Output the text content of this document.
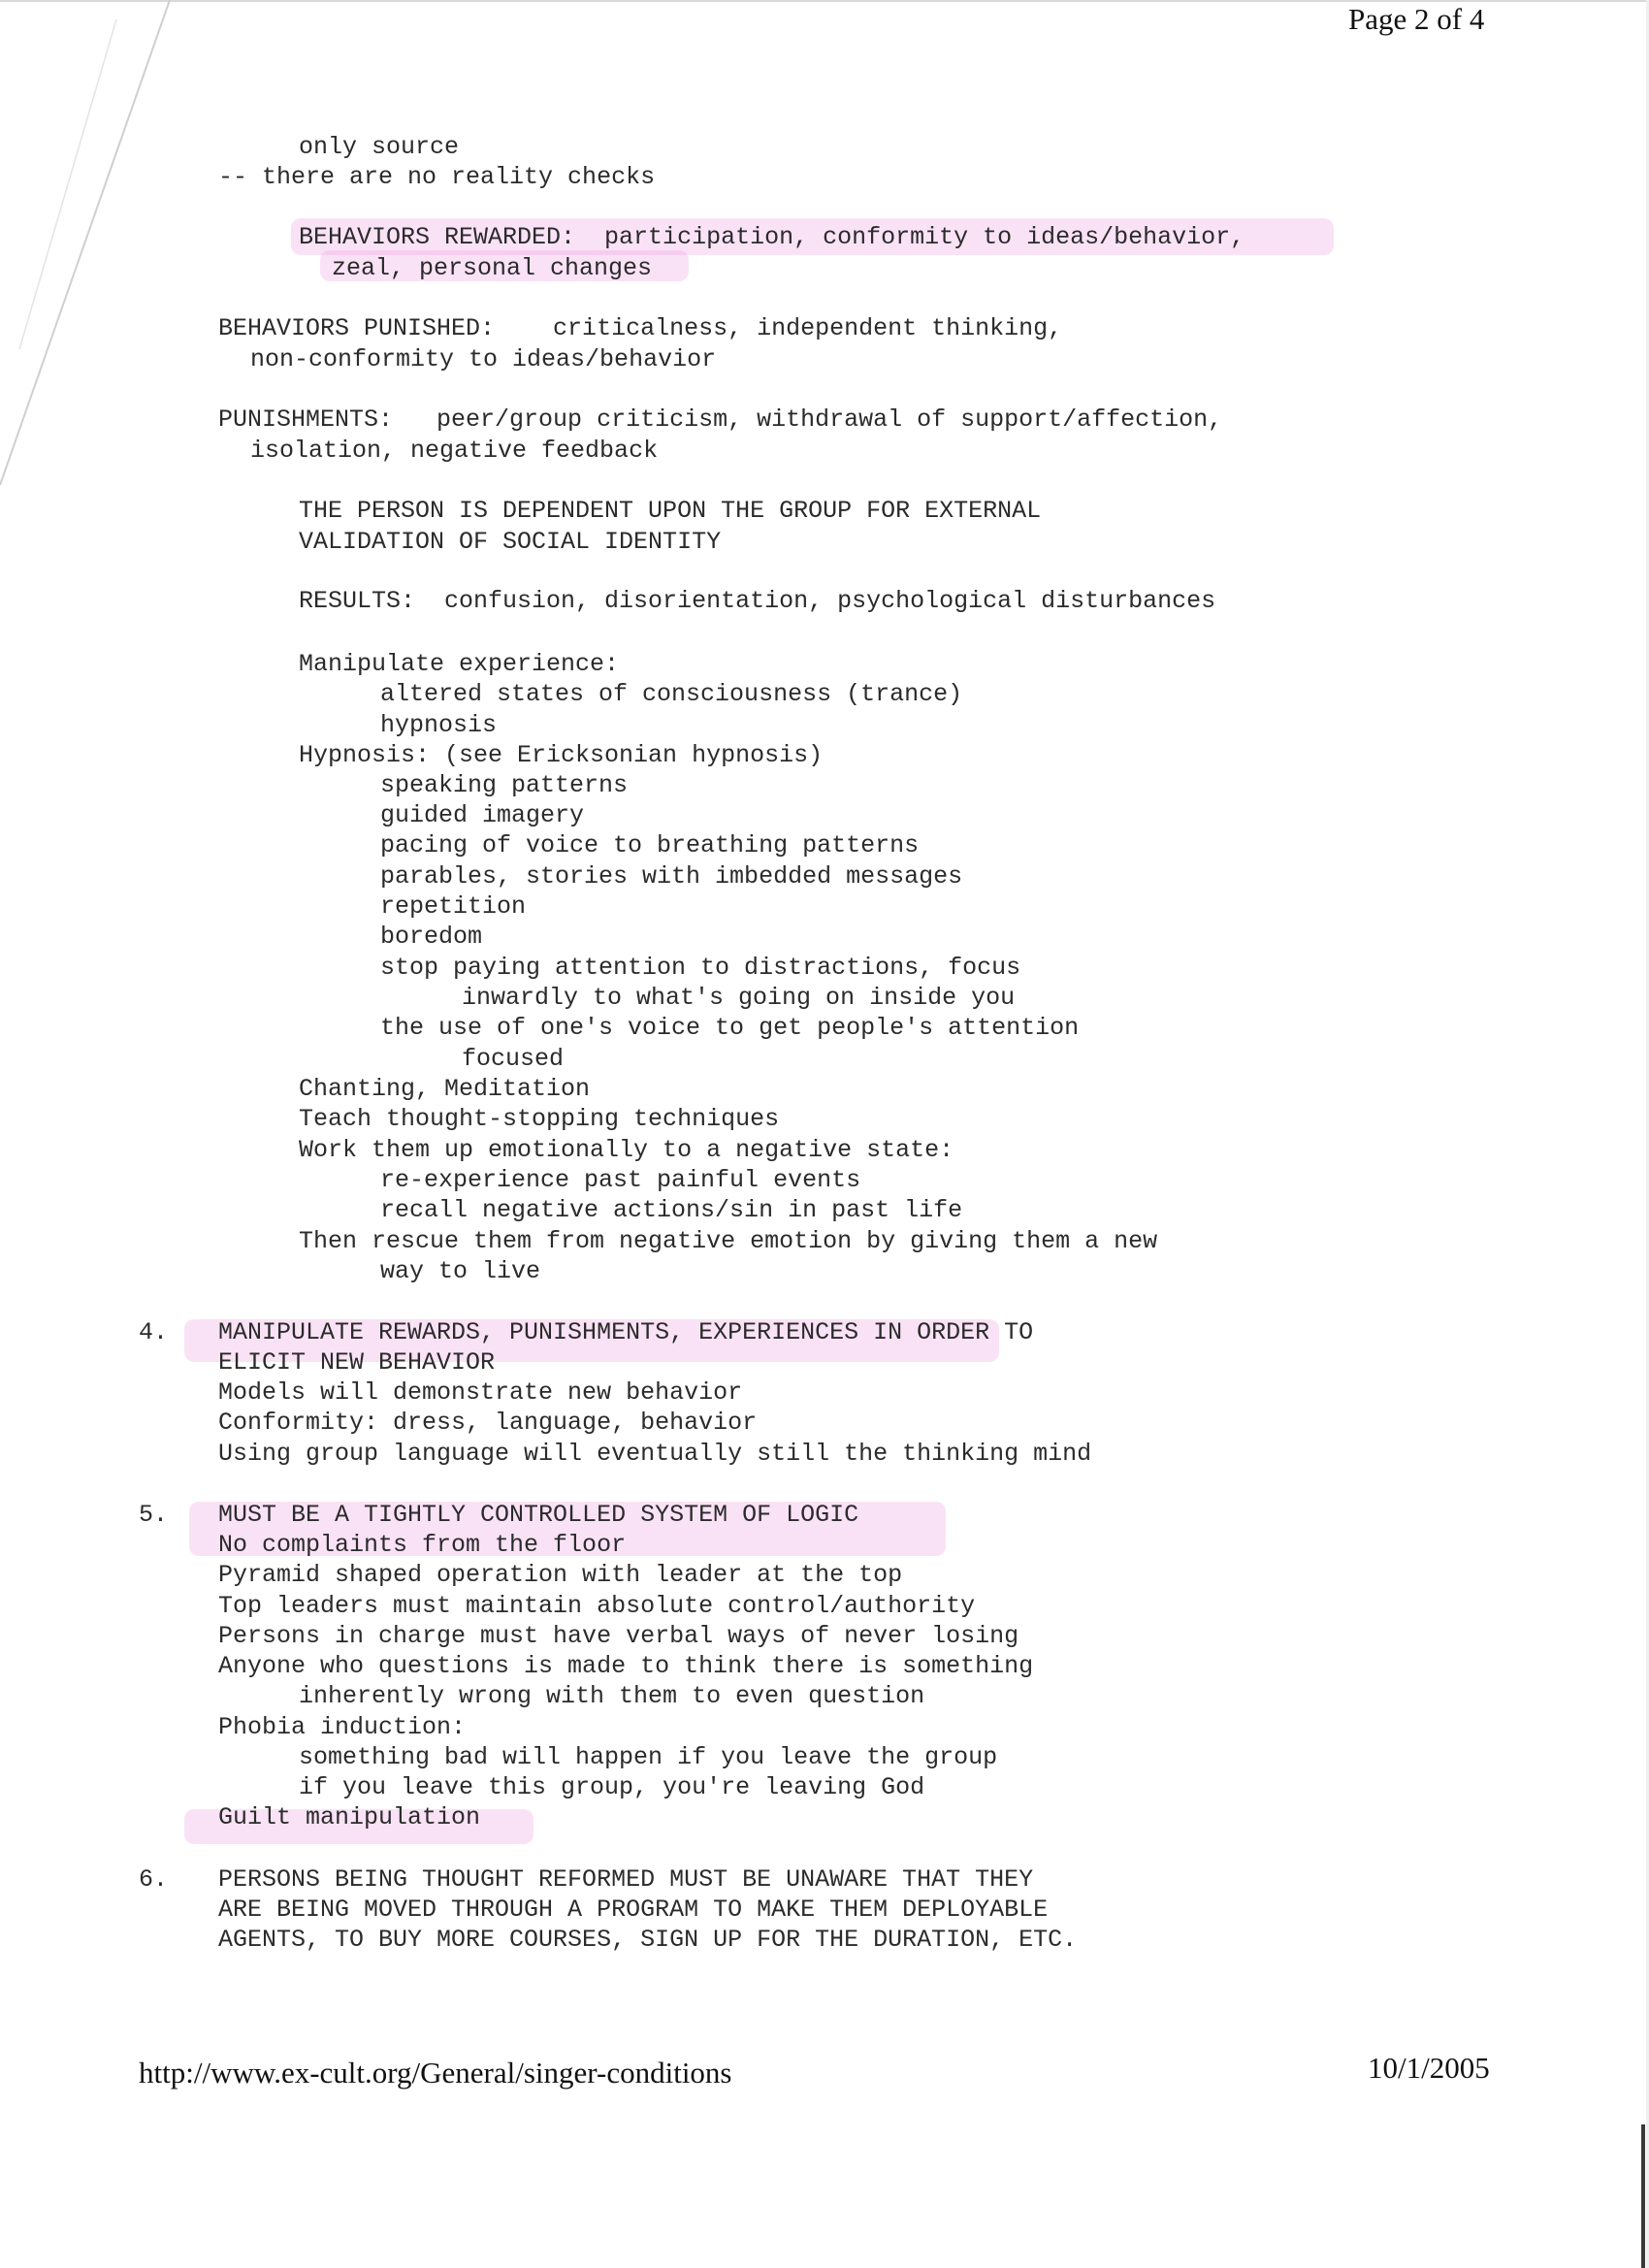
Page 2 of 4
only source
-- there are no reality checks
BEHAVIORS REWARDED:  participation, conformity to ideas/behavior,
zeal, personal changes
BEHAVIORS PUNISHED:    criticalness, independent thinking,
non-conformity to ideas/behavior
PUNISHMENTS:   peer/group criticism, withdrawal of support/affection,
isolation, negative feedback
THE PERSON IS DEPENDENT UPON THE GROUP FOR EXTERNAL
VALIDATION OF SOCIAL IDENTITY
RESULTS:  confusion, disorientation, psychological disturbances
Manipulate experience:
altered states of consciousness (trance)
hypnosis
Hypnosis: (see Ericksonian hypnosis)
speaking patterns
guided imagery
pacing of voice to breathing patterns
parables, stories with imbedded messages
repetition
boredom
stop paying attention to distractions, focus
inwardly to what's going on inside you
the use of one's voice to get people's attention
focused
Chanting, Meditation
Teach thought-stopping techniques
Work them up emotionally to a negative state:
re-experience past painful events
recall negative actions/sin in past life
Then rescue them from negative emotion by giving them a new
way to live
4. MANIPULATE REWARDS, PUNISHMENTS, EXPERIENCES IN ORDER TO
ELICIT NEW BEHAVIOR
Models will demonstrate new behavior
Conformity: dress, language, behavior
Using group language will eventually still the thinking mind
5. MUST BE A TIGHTLY CONTROLLED SYSTEM OF LOGIC
No complaints from the floor
Pyramid shaped operation with leader at the top
Top leaders must maintain absolute control/authority
Persons in charge must have verbal ways of never losing
Anyone who questions is made to think there is something
inherently wrong with them to even question
Phobia induction:
something bad will happen if you leave the group
if you leave this group, you're leaving God
Guilt manipulation
6. PERSONS BEING THOUGHT REFORMED MUST BE UNAWARE THAT THEY
ARE BEING MOVED THROUGH A PROGRAM TO MAKE THEM DEPLOYABLE
AGENTS, TO BUY MORE COURSES, SIGN UP FOR THE DURATION, ETC.
http://www.ex-cult.org/General/singer-conditions	10/1/2005
